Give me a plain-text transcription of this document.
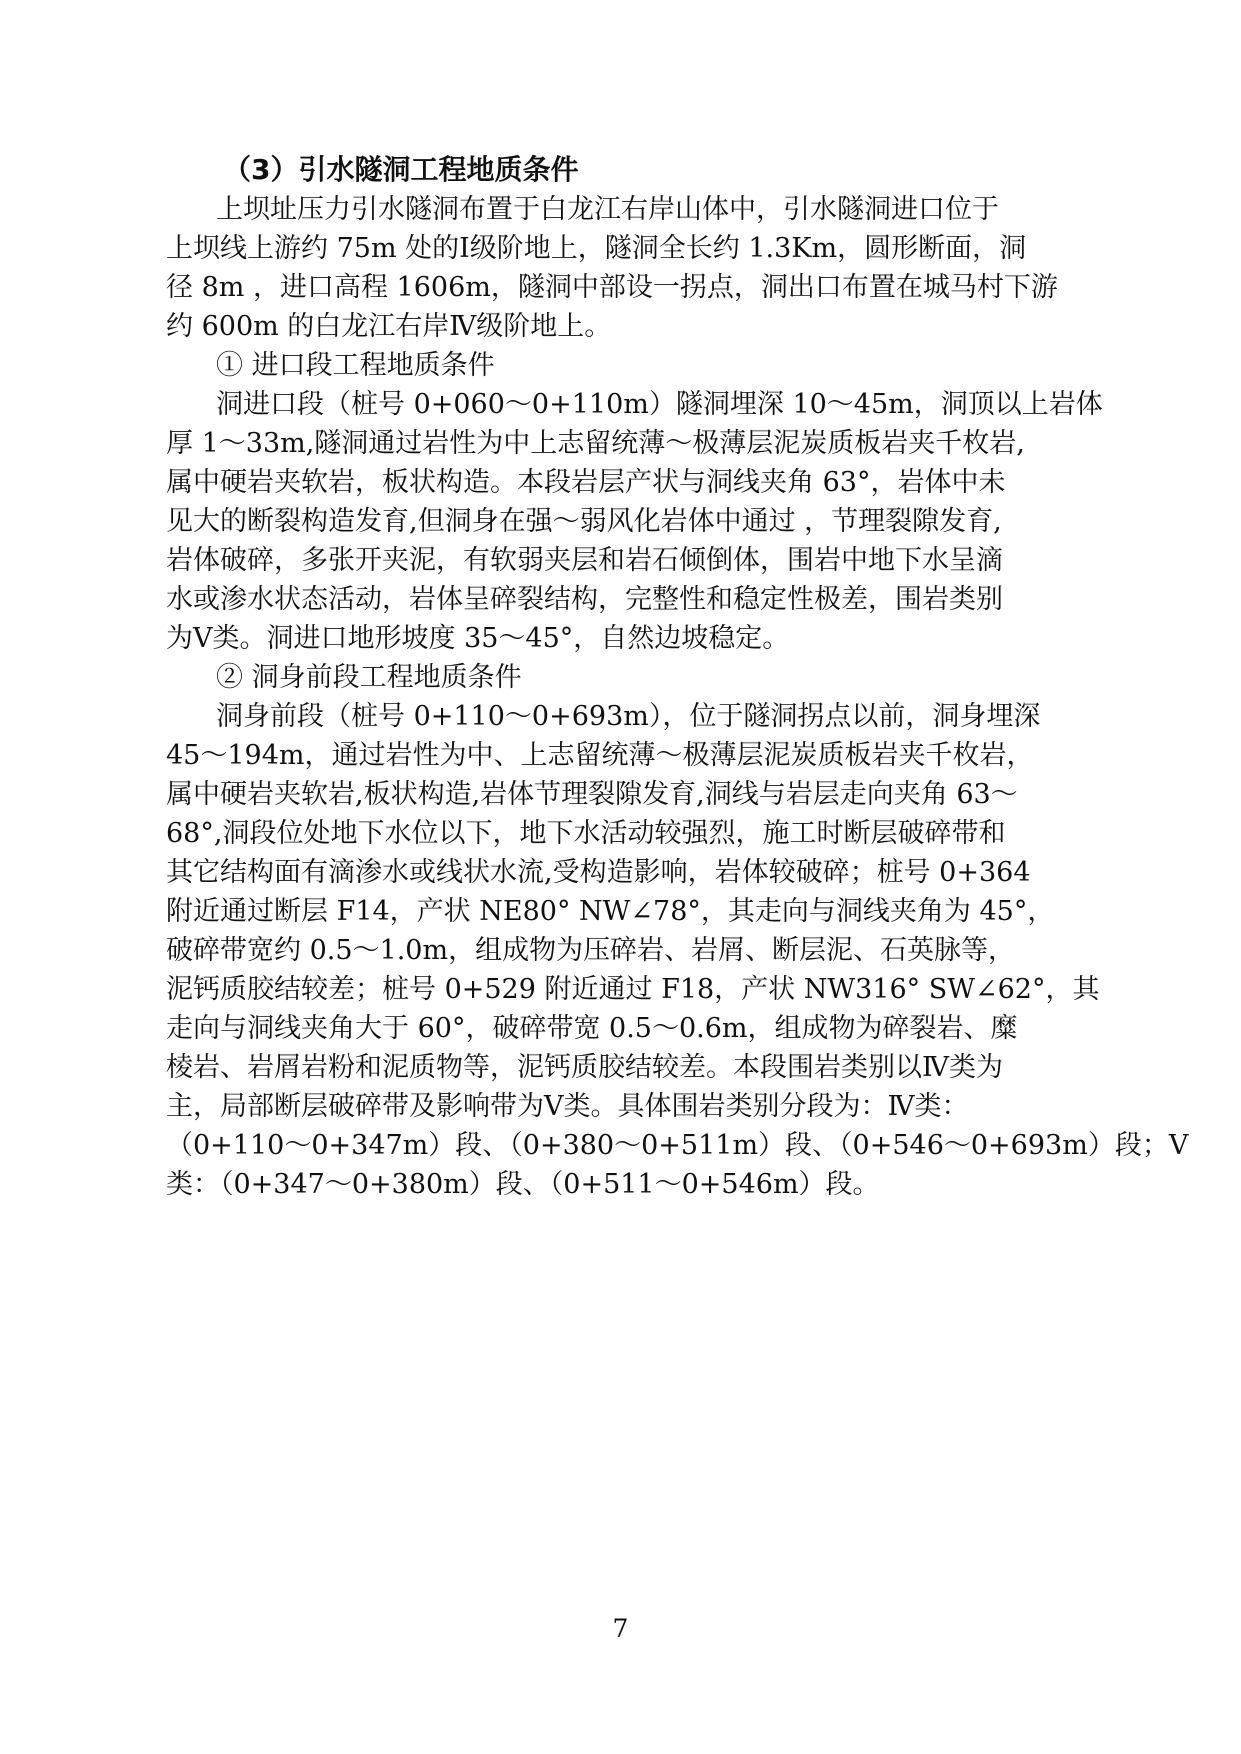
（3）引水隧洞工程地质条件
上坝址压力引水隧洞布置于白龙江右岸山体中，引水隧洞进口位于
上坝线上游约 75m 处的Ⅰ级阶地上，隧洞全长约 1.3Km，圆形断面，洞
径 8m ，进口高程 1606m，隧洞中部设一拐点，洞出口布置在城马村下游
约 600m 的白龙江右岸Ⅳ级阶地上。
① 进口段工程地质条件
洞进口段（桩号 0+060～0+110m）隧洞埋深 10～45m，洞顶以上岩体
厚 1～33m,隧洞通过岩性为中上志留统薄～极薄层泥炭质板岩夹千枚岩,
属中硬岩夹软岩，板状构造。本段岩层产状与洞线夹角 63°，岩体中未
见大的断裂构造发育,但洞身在强～弱风化岩体中通过 ，节理裂隙发育,
岩体破碎，多张开夹泥，有软弱夹层和岩石倾倒体，围岩中地下水呈滴
水或渗水状态活动，岩体呈碎裂结构，完整性和稳定性极差，围岩类别
为Ⅴ类。洞进口地形坡度 35～45°，自然边坡稳定。
② 洞身前段工程地质条件
洞身前段（桩号 0+110～0+693m），位于隧洞拐点以前，洞身埋深
45～194m，通过岩性为中、上志留统薄～极薄层泥炭质板岩夹千枚岩，
属中硬岩夹软岩,板状构造,岩体节理裂隙发育,洞线与岩层走向夹角 63～
68°,洞段位处地下水位以下，地下水活动较强烈，施工时断层破碎带和
其它结构面有滴渗水或线状水流,受构造影响，岩体较破碎；桩号 0+364
附近通过断层 F14，产状 NE80° NW∠78°，其走向与洞线夹角为 45°，
破碎带宽约 0.5～1.0m，组成物为压碎岩、岩屑、断层泥、石英脉等，
泥钙质胶结较差；桩号 0+529 附近通过 F18，产状 NW316° SW∠62°，其
走向与洞线夹角大于 60°，破碎带宽 0.5～0.6m，组成物为碎裂岩、糜
棱岩、岩屑岩粉和泥质物等，泥钙质胶结较差。本段围岩类别以Ⅳ类为
主，局部断层破碎带及影响带为Ⅴ类。具体围岩类别分段为：Ⅳ类：
（0+110～0+347m）段、（0+380～0+511m）段、（0+546～0+693m）段；Ⅴ
类：（0+347～0+380m）段、（0+511～0+546m）段。
7
